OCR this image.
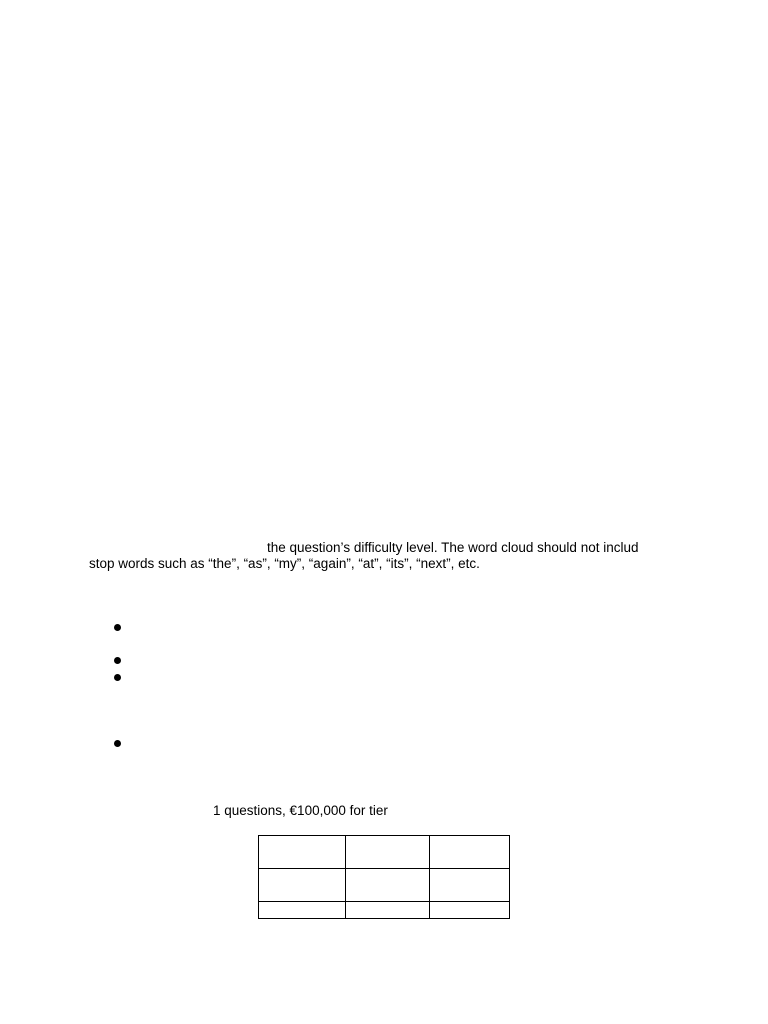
the question’s difficulty level. The word cloud should not includ
stop words such as “the”, “as”, “my”, “again”, “at”, “its”, “next”, etc.
1 questions, €100,000 for tier
